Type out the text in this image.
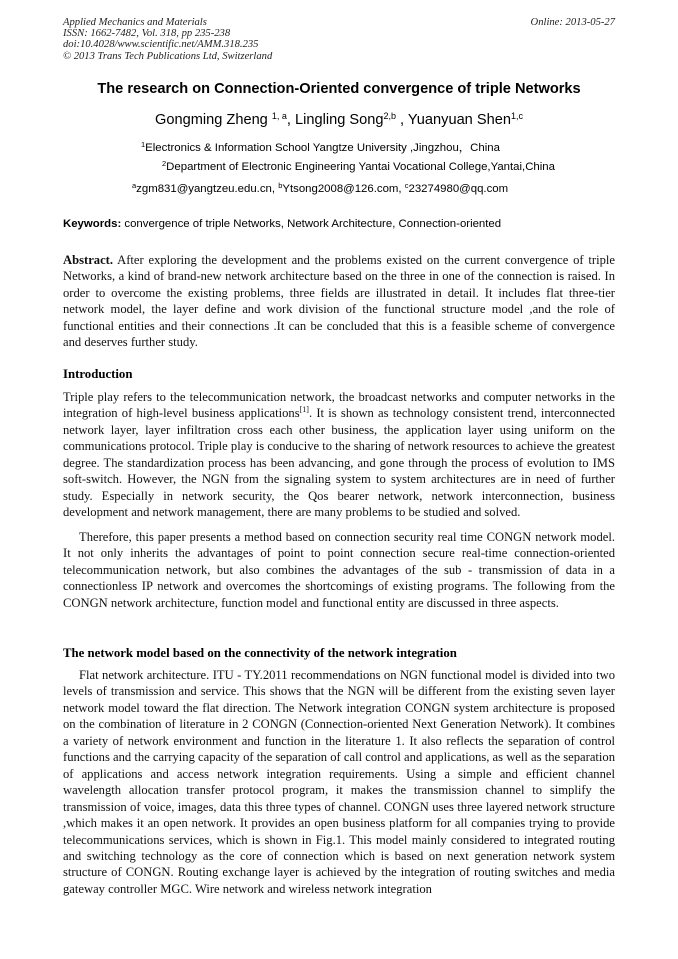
Applied Mechanics and Materials
ISSN: 1662-7482, Vol. 318, pp 235-238
doi:10.4028/www.scientific.net/AMM.318.235
© 2013 Trans Tech Publications Ltd, Switzerland
Online: 2013-05-27
The research on Connection-Oriented convergence of triple Networks
Gongming Zheng $^{1, a}$, Lingling Song$^{2,b}$ , Yuanyuan Shen$^{1,c}$
$^1$Electronics & Information School Yangtze University ,Jingzhou，China
$^2$Department of Electronic Engineering Yantai Vocational College,Yantai,China
$^a$zgm831@yangtzeu.edu.cn, $^b$Ytsong2008@126.com, $^c$23274980@qq.com
Keywords: convergence of triple Networks, Network Architecture, Connection-oriented
Abstract. After exploring the development and the problems existed on the current convergence of triple Networks, a kind of brand-new network architecture based on the three in one of the connection is raised. In order to overcome the existing problems, three fields are illustrated in detail. It includes flat three-tier network model, the layer define and work division of the functional structure model ,and the role of functional entities and their connections .It can be concluded that this is a feasible scheme of convergence and deserves further study.
Introduction
Triple play refers to the telecommunication network, the broadcast networks and computer networks in the integration of high-level business applications[1]. It is shown as technology consistent trend, interconnected network layer, layer infiltration cross each other business, the application layer using uniform on the communications protocol. Triple play is conducive to the sharing of network resources to achieve the greatest degree. The standardization process has been advancing, and gone through the process of evolution to IMS soft-switch. However, the NGN from the signaling system to system architectures are in need of further study. Especially in network security, the Qos bearer network, network interconnection, business development and network management, there are many problems to be studied and solved.
Therefore, this paper presents a method based on connection security real time CONGN network model. It not only inherits the advantages of point to point connection secure real-time connection-oriented telecommunication network, but also combines the advantages of the sub - transmission of data in a connectionless IP network and overcomes the shortcomings of existing programs. The following from the CONGN network architecture, function model and functional entity are discussed in three aspects.
The network model based on the connectivity of the network integration
Flat network architecture. ITU - TY.2011 recommendations on NGN functional model is divided into two levels of transmission and service. This shows that the NGN will be different from the existing seven layer network model toward the flat direction. The Network integration CONGN system architecture is proposed on the combination of literature in 2 CONGN (Connection-oriented Next Generation Network). It combines a variety of network environment and function in the literature 1. It also reflects the separation of control functions and the carrying capacity of the separation of call control and applications, as well as the separation of applications and access network integration requirements. Using a simple and efficient channel wavelength allocation transfer protocol program, it makes the transmission channel to simplify the transmission of voice, images, data this three types of channel. CONGN uses three layered network structure ,which makes it an open network. It provides an open business platform for all companies trying to provide telecommunications services, which is shown in Fig.1. This model mainly considered to integrated routing and switching technology as the core of connection which is based on next generation network system structure of CONGN. Routing exchange layer is achieved by the integration of routing switches and media gateway controller MGC. Wire network and wireless network integration
